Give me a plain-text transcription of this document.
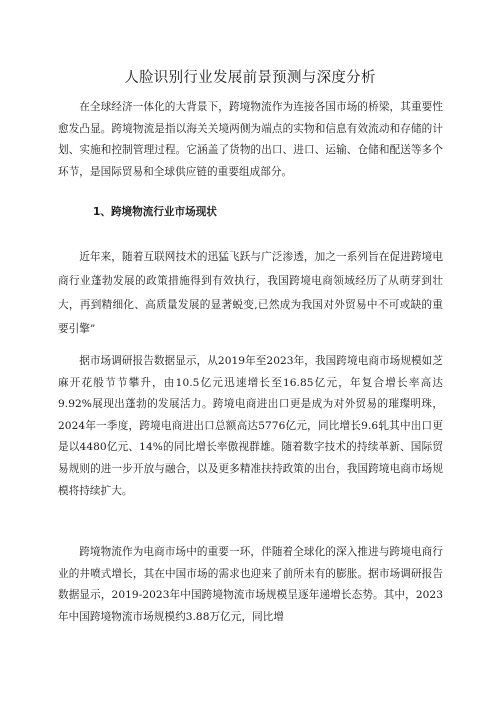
人脸识别行业发展前景预测与深度分析

在全球经济一体化的大背景下，跨境物流作为连接各国市场的桥梁，其重要性愈发凸显。跨境物流是指以海关关境两侧为端点的实物和信息有效流动和存储的计划、实施和控制管理过程。它涵盖了货物的出口、进口、运输、仓储和配送等多个环节，是国际贸易和全球供应链的重要组成部分。

1、跨境物流行业市场现状

近年来，随着互联网技术的迅猛飞跃与广泛渗透，加之一系列旨在促进跨境电商行业蓬勃发展的政策措施得到有效执行，我国跨境电商领域经历了从萌芽到壮大，再到精细化、高质量发展的显著蜕变,已然成为我国对外贸易中不可或缺的重要引擎”

据市场调研报告数据显示，从2019年至2023年，我国跨境电商市场规模如芝麻开花般节节攀升，由10.5亿元迅速增长至16.85亿元，年复合增长率高达9.92%展现出蓬勃的发展活力。跨境电商进出口更是成为对外贸易的璀璨明珠，2024年一季度，跨境电商进出口总额高达5776亿元，同比增长9.6轧其中出口更是以4480亿元、14%的同比增长率傲视群雄。随着数字技术的持续革新、国际贸易规则的进一步开放与融合，以及更多精准扶持政策的出台，我国跨境电商市场规模将持续扩大。

跨境物流作为电商市场中的重要一环，伴随着全球化的深入推进与跨境电商行业的井喷式增长，其在中国市场的需求也迎来了前所未有的膨胀。据市场调研报告数据显示，2019-2023年中国跨境物流市场规模呈逐年递增长态势。其中，2023年中国跨境物流市场规模约3.88万亿元，同比增
